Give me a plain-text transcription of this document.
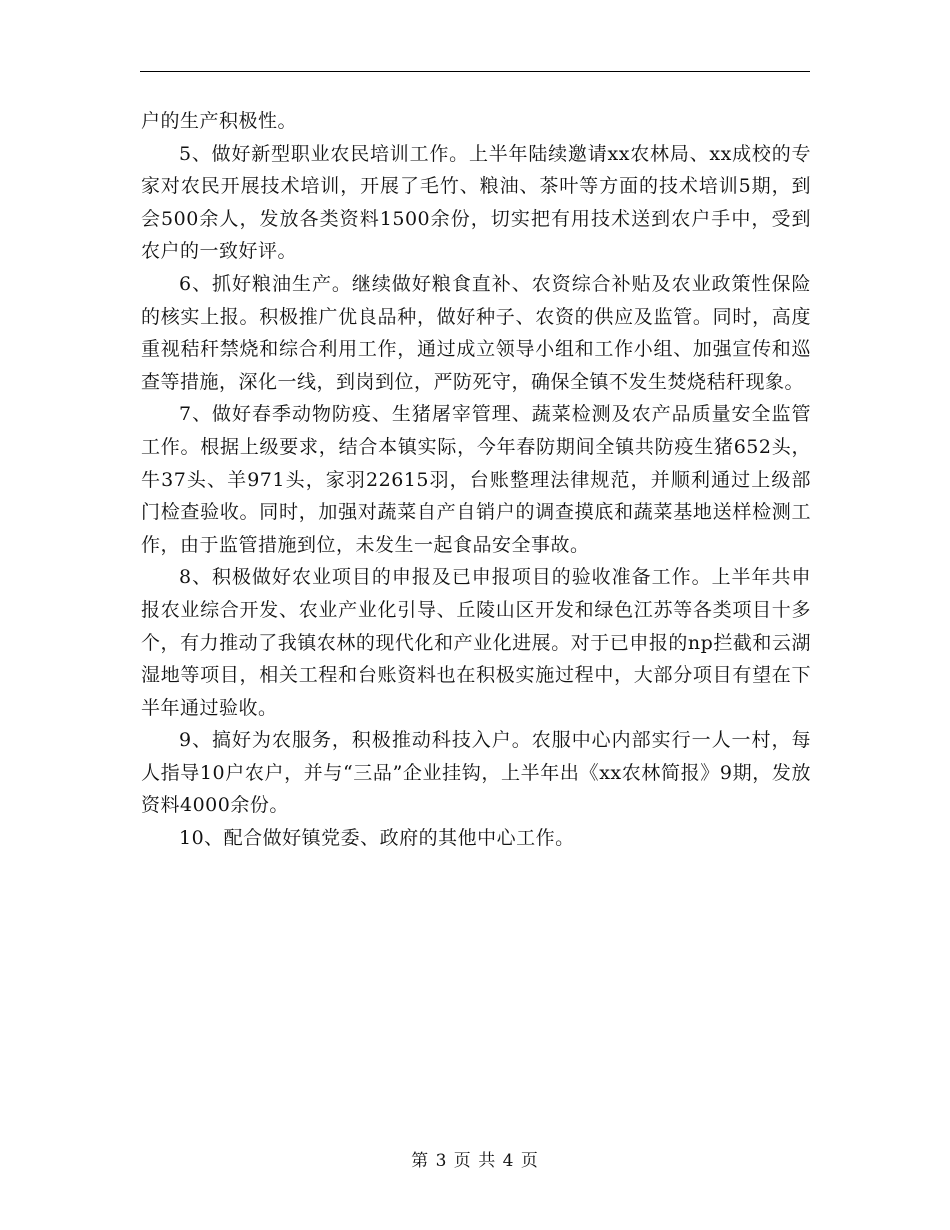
户的生产积极性。

5、做好新型职业农民培训工作。上半年陆续邀请xx农林局、xx成校的专家对农民开展技术培训，开展了毛竹、粮油、茶叶等方面的技术培训5期，到会500余人，发放各类资料1500余份，切实把有用技术送到农户手中，受到农户的一致好评。

6、抓好粮油生产。继续做好粮食直补、农资综合补贴及农业政策性保险的核实上报。积极推广优良品种，做好种子、农资的供应及监管。同时，高度重视秸秆禁烧和综合利用工作，通过成立领导小组和工作小组、加强宣传和巡查等措施，深化一线，到岗到位，严防死守，确保全镇不发生焚烧秸秆现象。

7、做好春季动物防疫、生猪屠宰管理、蔬菜检测及农产品质量安全监管工作。根据上级要求，结合本镇实际，今年春防期间全镇共防疫生猪652头，牛37头、羊971头，家羽22615羽，台账整理法律规范，并顺利通过上级部门检查验收。同时，加强对蔬菜自产自销户的调查摸底和蔬菜基地送样检测工作，由于监管措施到位，未发生一起食品安全事故。

8、积极做好农业项目的申报及已申报项目的验收准备工作。上半年共申报农业综合开发、农业产业化引导、丘陵山区开发和绿色江苏等各类项目十多个，有力推动了我镇农林的现代化和产业化进展。对于已申报的np拦截和云湖湿地等项目，相关工程和台账资料也在积极实施过程中，大部分项目有望在下半年通过验收。

9、搞好为农服务，积极推动科技入户。农服中心内部实行一人一村，每人指导10户农户，并与“三品”企业挂钩，上半年出《xx农林简报》9期，发放资料4000余份。

10、配合做好镇党委、政府的其他中心工作。

第 3 页 共 4 页
